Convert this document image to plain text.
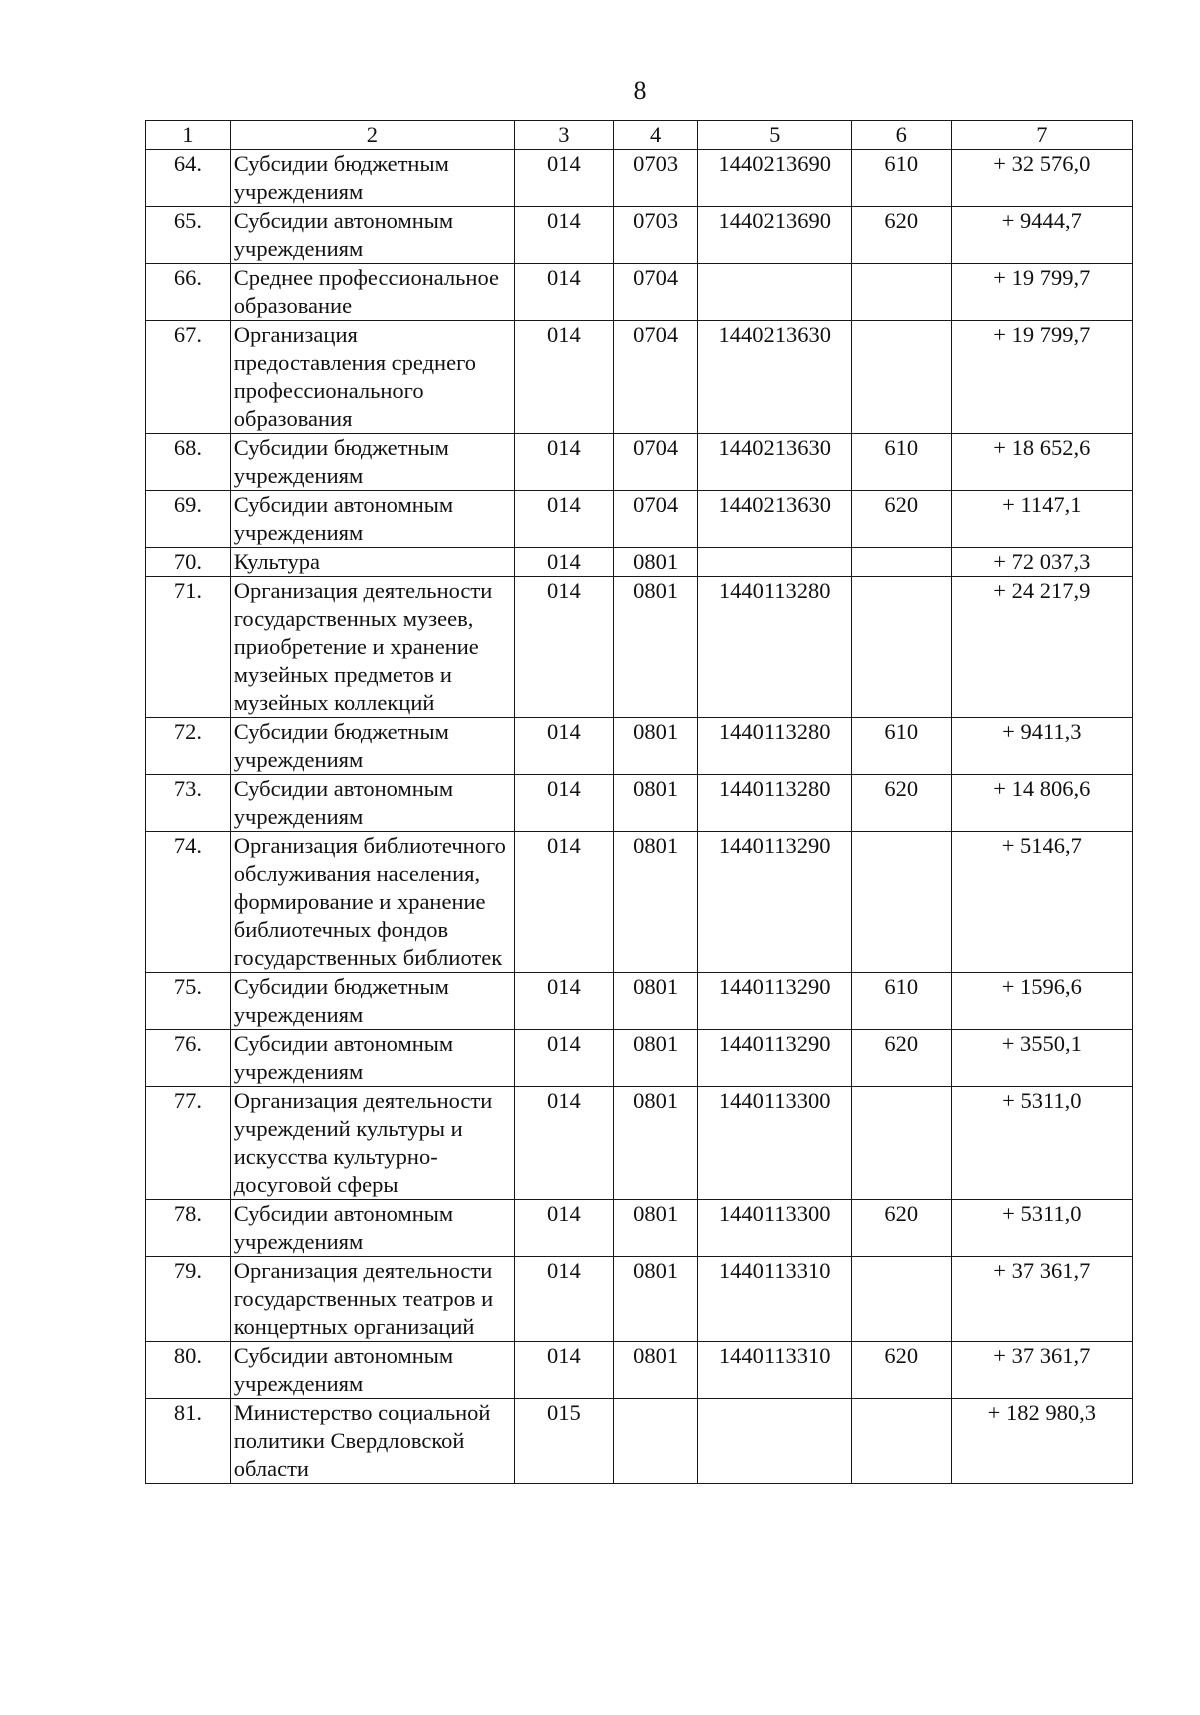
8
1	2	3	4	5	6	7
64.	Субсидии бюджетным учреждениям	014	0703	1440213690	610	+ 32 576,0
65.	Субсидии автономным учреждениям	014	0703	1440213690	620	+ 9444,7
66.	Среднее профессиональное образование	014	0704			+ 19 799,7
67.	Организация предоставления среднего профессионального образования	014	0704	1440213630		+ 19 799,7
68.	Субсидии бюджетным учреждениям	014	0704	1440213630	610	+ 18 652,6
69.	Субсидии автономным учреждениям	014	0704	1440213630	620	+ 1147,1
70.	Культура	014	0801			+ 72 037,3
71.	Организация деятельности государственных музеев, приобретение и хранение музейных предметов и музейных коллекций	014	0801	1440113280		+ 24 217,9
72.	Субсидии бюджетным учреждениям	014	0801	1440113280	610	+ 9411,3
73.	Субсидии автономным учреждениям	014	0801	1440113280	620	+ 14 806,6
74.	Организация библиотечного обслуживания населения, формирование и хранение библиотечных фондов государственных библиотек	014	0801	1440113290		+ 5146,7
75.	Субсидии бюджетным учреждениям	014	0801	1440113290	610	+ 1596,6
76.	Субсидии автономным учреждениям	014	0801	1440113290	620	+ 3550,1
77.	Организация деятельности учреждений культуры и искусства культурно-досуговой сферы	014	0801	1440113300		+ 5311,0
78.	Субсидии автономным учреждениям	014	0801	1440113300	620	+ 5311,0
79.	Организация деятельности государственных театров и концертных организаций	014	0801	1440113310		+ 37 361,7
80.	Субсидии автономным учреждениям	014	0801	1440113310	620	+ 37 361,7
81.	Министерство социальной политики Свердловской области	015				+ 182 980,3
